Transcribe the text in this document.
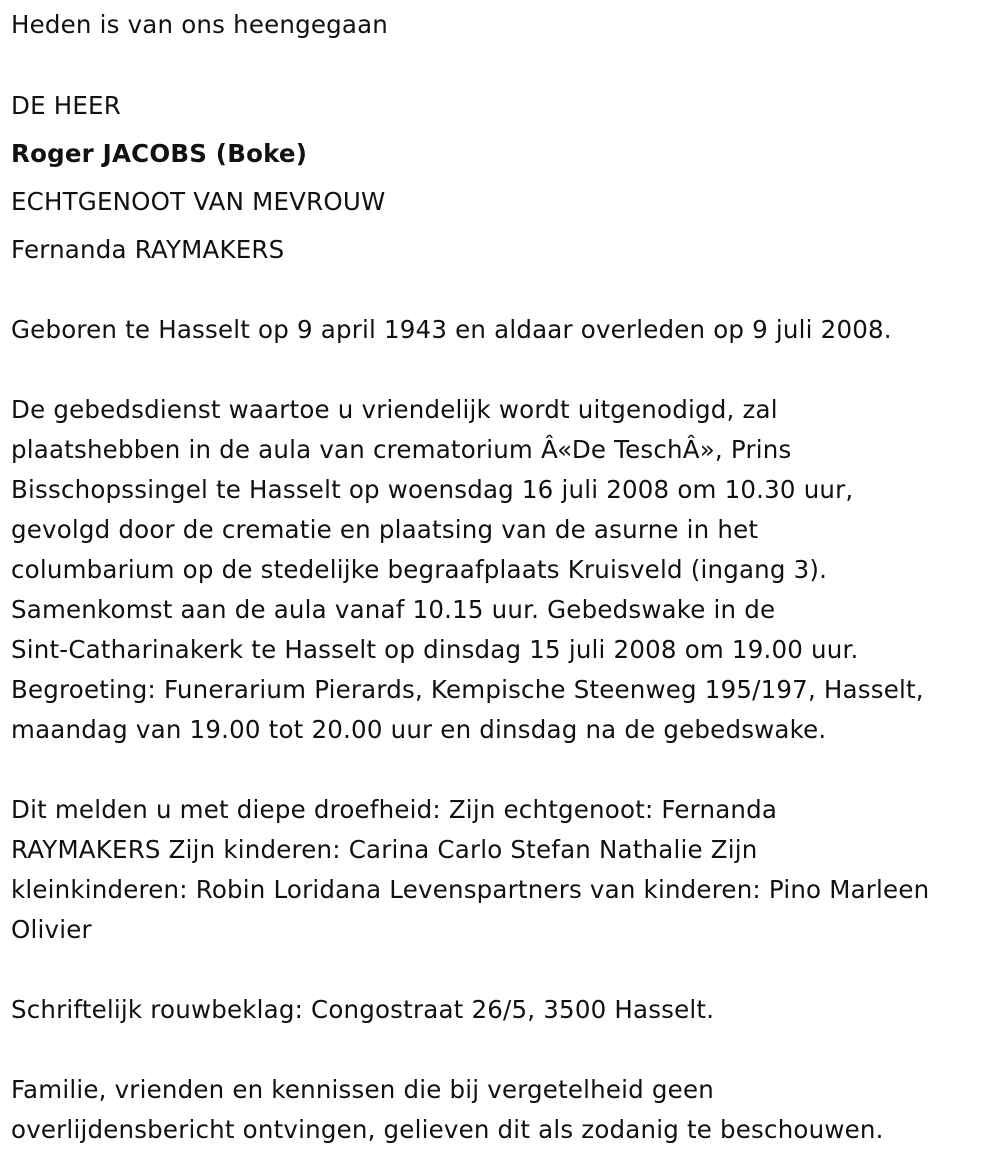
Heden is van ons heengegaan
DE HEER
Roger JACOBS (Boke)
ECHTGENOOT VAN MEVROUW
Fernanda RAYMAKERS
Geboren te Hasselt op 9 april 1943 en aldaar overleden op 9 juli 2008.
De gebedsdienst waartoe u vriendelijk wordt uitgenodigd, zal
plaatshebben in de aula van crematorium Â«De TeschÂ», Prins
Bisschopssingel te Hasselt op woensdag 16 juli 2008 om 10.30 uur,
gevolgd door de crematie en plaatsing van de asurne in het
columbarium op de stedelijke begraafplaats Kruisveld (ingang 3).
Samenkomst aan de aula vanaf 10.15 uur. Gebedswake in de
Sint-Catharinakerk te Hasselt op dinsdag 15 juli 2008 om 19.00 uur.
Begroeting: Funerarium Pierards, Kempische Steenweg 195/197, Hasselt,
maandag van 19.00 tot 20.00 uur en dinsdag na de gebedswake.
Dit melden u met diepe droefheid: Zijn echtgenoot: Fernanda
RAYMAKERS Zijn kinderen: Carina Carlo Stefan Nathalie Zijn
kleinkinderen: Robin Loridana Levenspartners van kinderen: Pino Marleen
Olivier
Schriftelijk rouwbeklag: Congostraat 26/5, 3500 Hasselt.
Familie, vrienden en kennissen die bij vergetelheid geen
overlijdensbericht ontvingen, gelieven dit als zodanig te beschouwen.
